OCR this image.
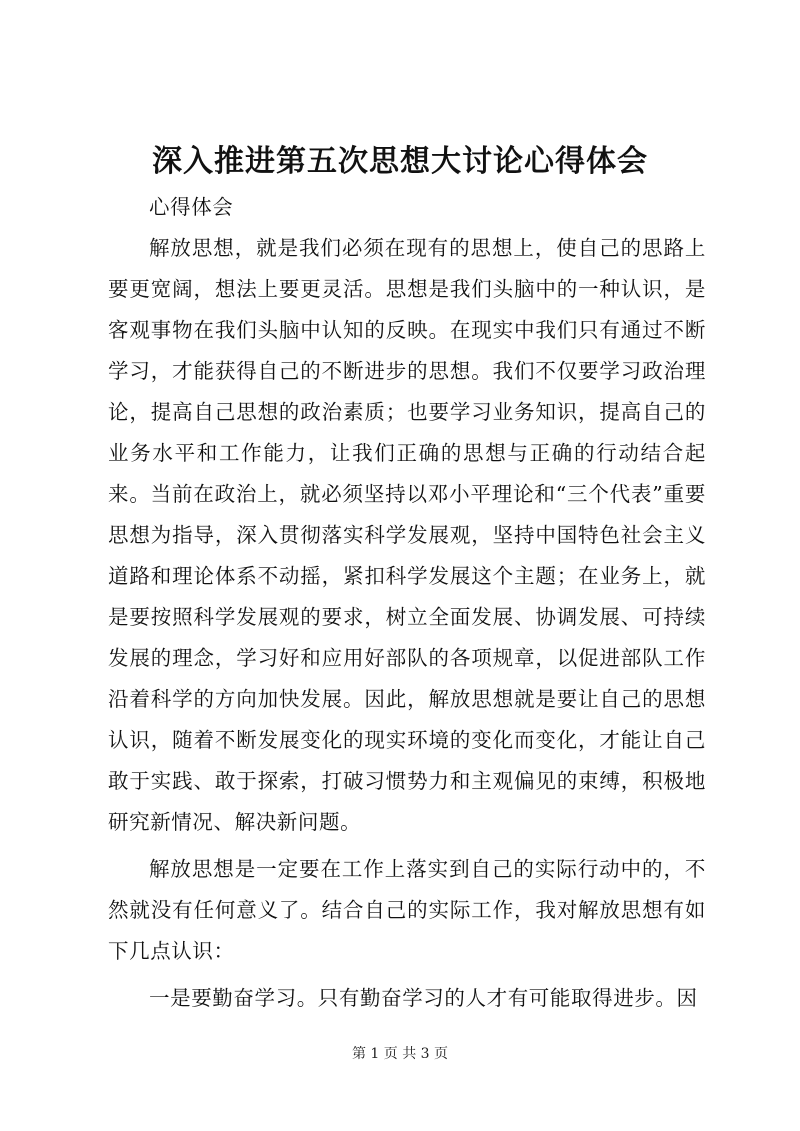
深入推进第五次思想大讨论心得体会

心得体会

解放思想，就是我们必须在现有的思想上，使自己的思路上要更宽阔，想法上要更灵活。思想是我们头脑中的一种认识，是客观事物在我们头脑中认知的反映。在现实中我们只有通过不断学习，才能获得自己的不断进步的思想。我们不仅要学习政治理论，提高自己思想的政治素质；也要学习业务知识，提高自己的业务水平和工作能力，让我们正确的思想与正确的行动结合起来。当前在政治上，就必须坚持以邓小平理论和“三个代表”重要思想为指导，深入贯彻落实科学发展观，坚持中国特色社会主义道路和理论体系不动摇，紧扣科学发展这个主题；在业务上，就是要按照科学发展观的要求，树立全面发展、协调发展、可持续发展的理念，学习好和应用好部队的各项规章，以促进部队工作沿着科学的方向加快发展。因此，解放思想就是要让自己的思想认识，随着不断发展变化的现实环境的变化而变化，才能让自己敢于实践、敢于探索，打破习惯势力和主观偏见的束缚，积极地研究新情况、解决新问题。

解放思想是一定要在工作上落实到自己的实际行动中的，不然就没有任何意义了。结合自己的实际工作，我对解放思想有如下几点认识：

一是要勤奋学习。只有勤奋学习的人才有可能取得进步。因

第 1 页 共 3 页
